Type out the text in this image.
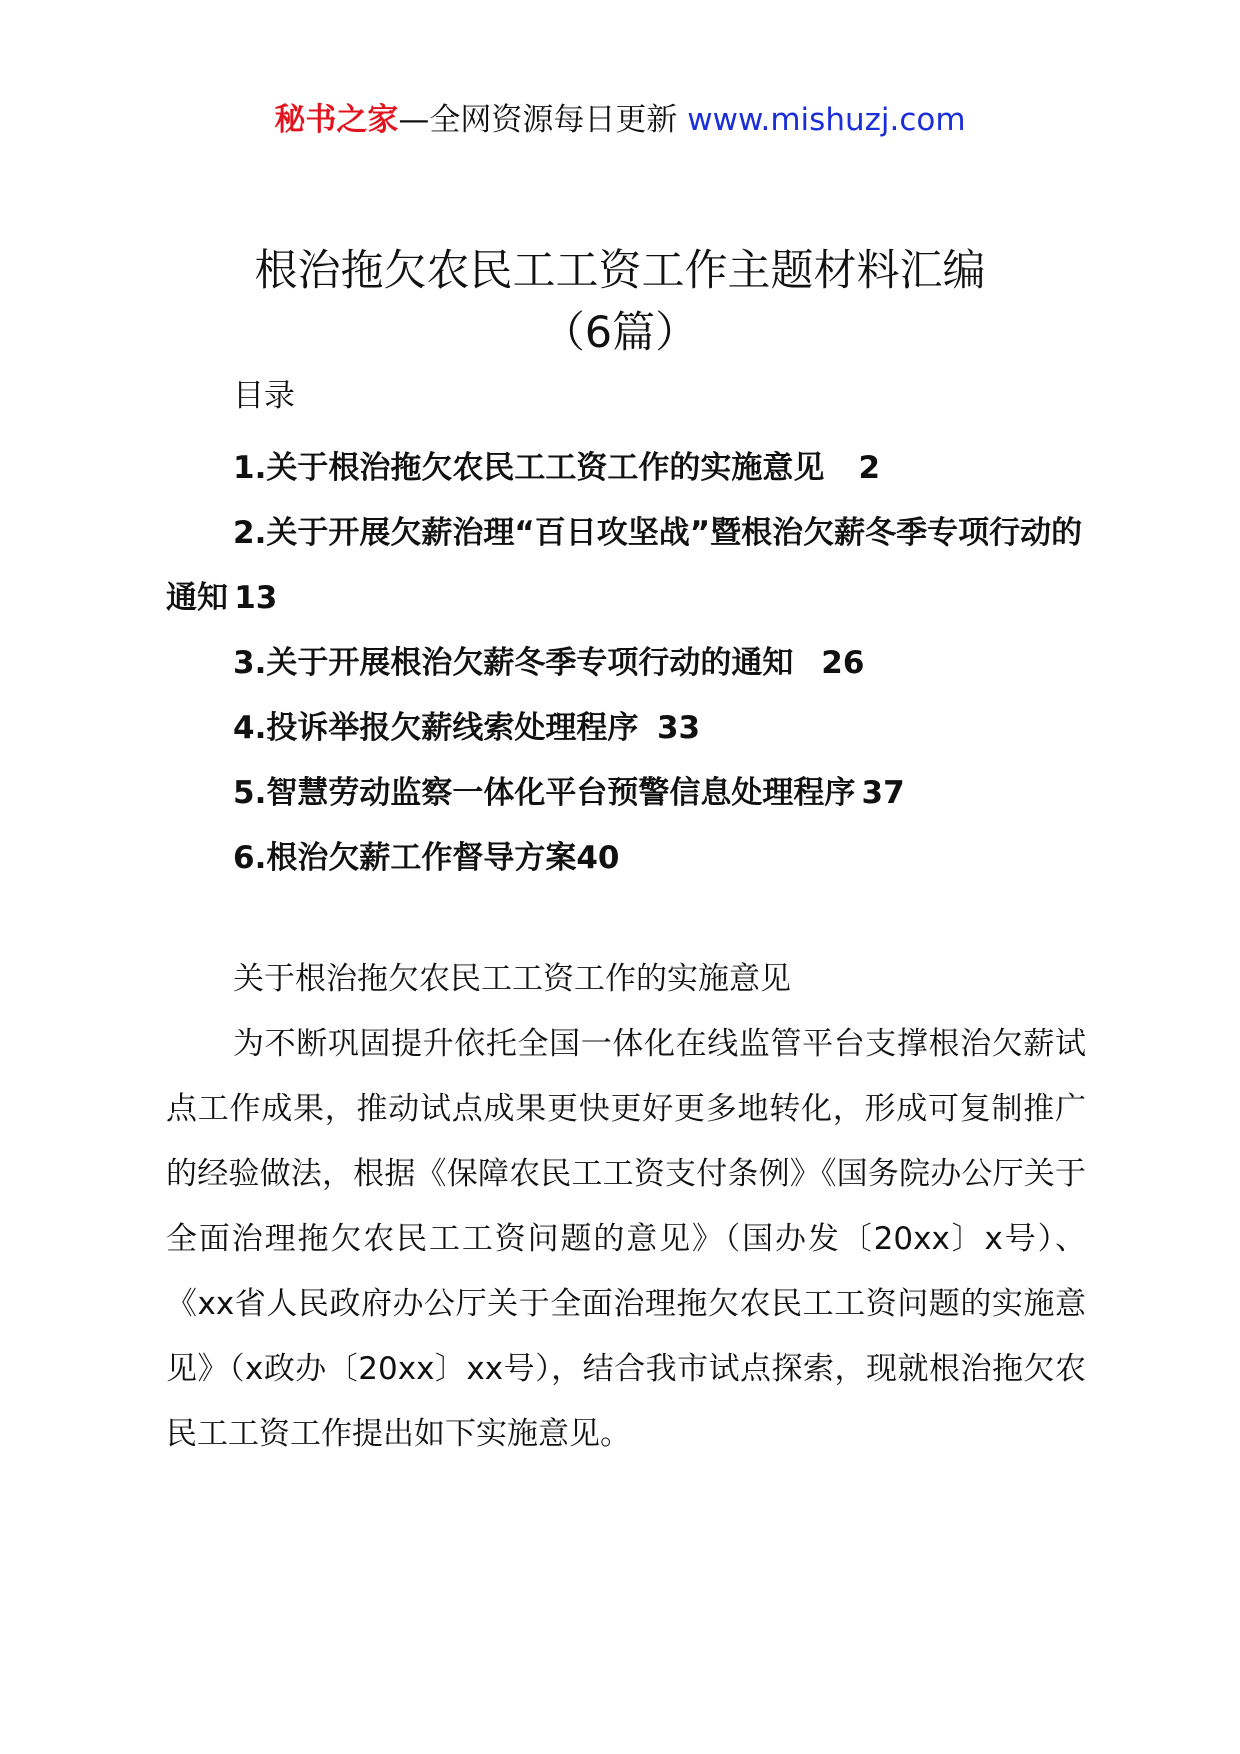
秘书之家—全网资源每日更新 www.mishuzj.com
根治拖欠农民工工资工作主题材料汇编
（6篇）
目录
1.关于根治拖欠农民工工资工作的实施意见 2
2.关于开展欠薪治理“百日攻坚战”暨根治欠薪冬季专项行动的通知 13
3.关于开展根治欠薪冬季专项行动的通知 26
4.投诉举报欠薪线索处理程序 33
5.智慧劳动监察一体化平台预警信息处理程序 37
6.根治欠薪工作督导方案40
关于根治拖欠农民工工资工作的实施意见

为不断巩固提升依托全国一体化在线监管平台支撑根治欠薪试点工作成果，推动试点成果更快更好更多地转化，形成可复制推广的经验做法，根据《保障农民工工资支付条例》《国务院办公厅关于全面治理拖欠农民工工资问题的意见》（国办发〔20xx〕x号）、《xx省人民政府办公厅关于全面治理拖欠农民工工资问题的实施意见》（x政办〔20xx〕xx号），结合我市试点探索，现就根治拖欠农民工工资工作提出如下实施意见。
